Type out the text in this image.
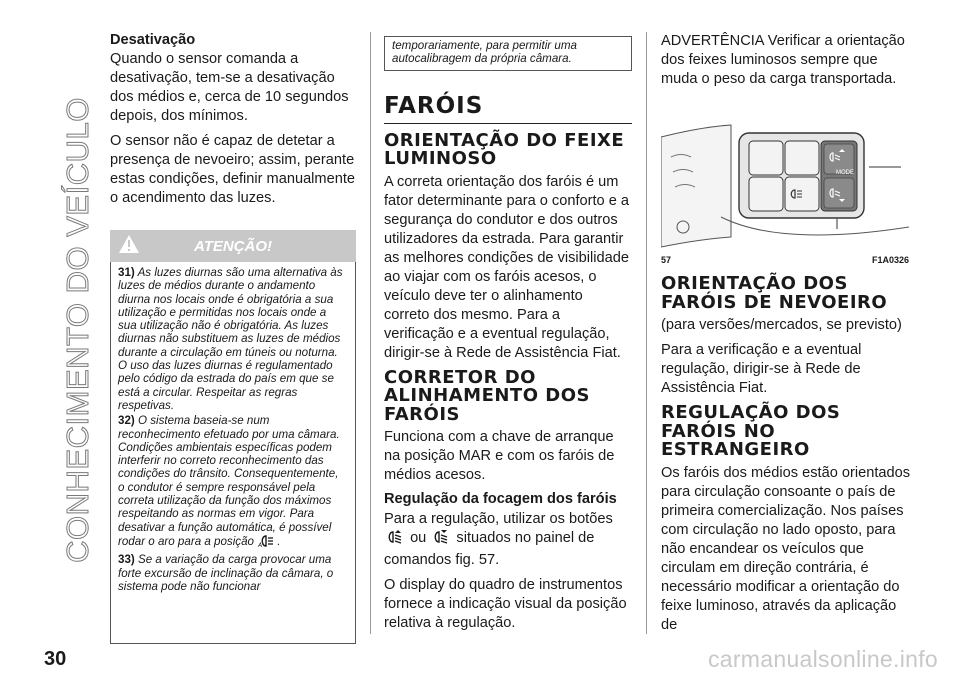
CONHECIMENTO DO VEÍCULO
Desativação

Quando o sensor comanda a desativação, tem-se a desativação dos médios e, cerca de 10 segundos depois, dos mínimos.

O sensor não é capaz de detetar a presença de nevoeiro; assim, perante estas condições, definir manualmente o acendimento das luzes.

ATENÇÃO!

31) As luzes diurnas são uma alternativa às luzes de médios durante o andamento diurna nos locais onde é obrigatória a sua utilização e permitidas nos locais onde a sua utilização não é obrigatória. As luzes diurnas não substituem as luzes de médios durante a circulação em túneis ou noturna. O uso das luzes diurnas é regulamentado pelo código da estrada do país em que se está a circular. Respeitar as regras respetivas.

32) O sistema baseia-se num reconhecimento efetuado por uma câmara. Condições ambientais específicas podem interferir no correto reconhecimento das condições do trânsito. Consequentemente, o condutor é sempre responsável pela correta utilização da função dos máximos respeitando as normas em vigor. Para desativar a função automática, é possível rodar o aro para a posição A .

33) Se a variação da carga provocar uma forte excursão de inclinação da câmara, o sistema pode não funcionar

temporariamente, para permitir uma autocalibragem da própria câmara.

FARÓIS
ORIENTAÇÃO DO FEIXE LUMINOSO

A correta orientação dos faróis é um fator determinante para o conforto e a segurança do condutor e dos outros utilizadores da estrada. Para garantir as melhores condições de visibilidade ao viajar com os faróis acesos, o veículo deve ter o alinhamento correto dos mesmo. Para a verificação e a eventual regulação, dirigir-se à Rede de Assistência Fiat.

CORRETOR DO ALINHAMENTO DOS FARÓIS

Funciona com a chave de arranque na posição MAR e com os faróis de médios acesos.

Regulação da focagem dos faróis

Para a regulação, utilizar os botões  ou situados no painel de comandos fig. 57.

O display do quadro de instrumentos fornece a indicação visual da posição relativa à regulação.

ADVERTÊNCIA Verificar a orientação dos feixes luminosos sempre que muda o peso da carga transportada.

MODE
57	F1A0326
ORIENTAÇÃO DOS FARÓIS DE NEVOEIRO

(para versões/mercados, se previsto)

Para a verificação e a eventual regulação, dirigir-se à Rede de Assistência Fiat.

REGULAÇÃO DOS FARÓIS NO ESTRANGEIRO

Os faróis dos médios estão orientados para circulação consoante o país de primeira comercialização. Nos países com circulação no lado oposto, para não encandear os veículos que circulam em direção contrária, é necessário modificar a orientação do feixe luminoso, através da aplicação de

30	carmanualsonline.info
